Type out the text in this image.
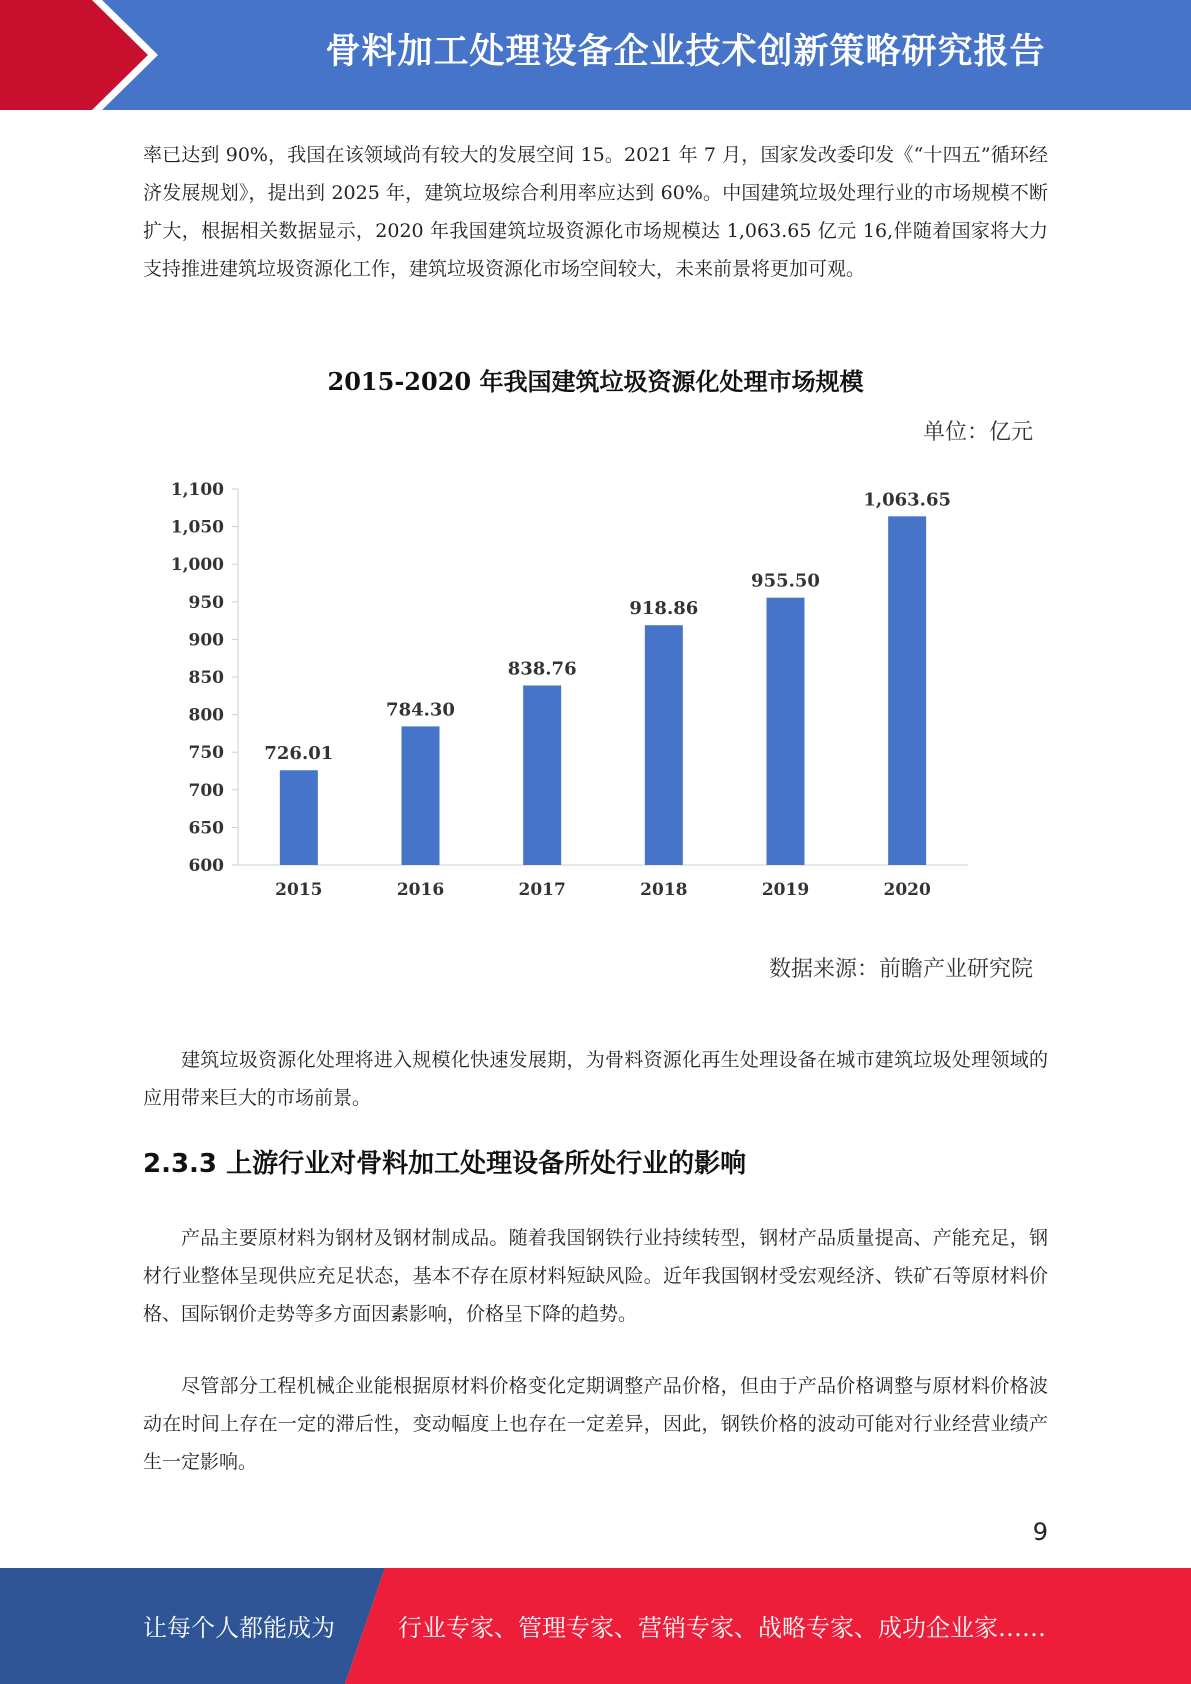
骨料加工处理设备企业技术创新策略研究报告

率已达到 90%，我国在该领域尚有较大的发展空间 15。2021 年 7 月，国家发改委印发《“十四五”循环经济发展规划》，提出到 2025 年，建筑垃圾综合利用率应达到 60%。中国建筑垃圾处理行业的市场规模不断扩大，根据相关数据显示，2020 年我国建筑垃圾资源化市场规模达 1,063.65 亿元 16,伴随着国家将大力支持推进建筑垃圾资源化工作，建筑垃圾资源化市场空间较大，未来前景将更加可观。

2015-2020 年我国建筑垃圾资源化处理市场规模
单位：亿元
600
650
700
750
800
850
900
950
1,000
1,050
1,100
726.01
2015
784.30
2016
838.76
2017
918.86
2018
955.50
2019
1,063.65
2020
数据来源：前瞻产业研究院

建筑垃圾资源化处理将进入规模化快速发展期，为骨料资源化再生处理设备在城市建筑垃圾处理领域的应用带来巨大的市场前景。

2.3.3 上游行业对骨料加工处理设备所处行业的影响

产品主要原材料为钢材及钢材制成品。随着我国钢铁行业持续转型，钢材产品质量提高、产能充足，钢材行业整体呈现供应充足状态，基本不存在原材料短缺风险。近年我国钢材受宏观经济、铁矿石等原材料价格、国际钢价走势等多方面因素影响，价格呈下降的趋势。

尽管部分工程机械企业能根据原材料价格变化定期调整产品价格，但由于产品价格调整与原材料价格波动在时间上存在一定的滞后性，变动幅度上也存在一定差异，因此，钢铁价格的波动可能对行业经营业绩产生一定影响。

9
让每个人都能成为	行业专家、管理专家、营销专家、战略专家、成功企业家……
